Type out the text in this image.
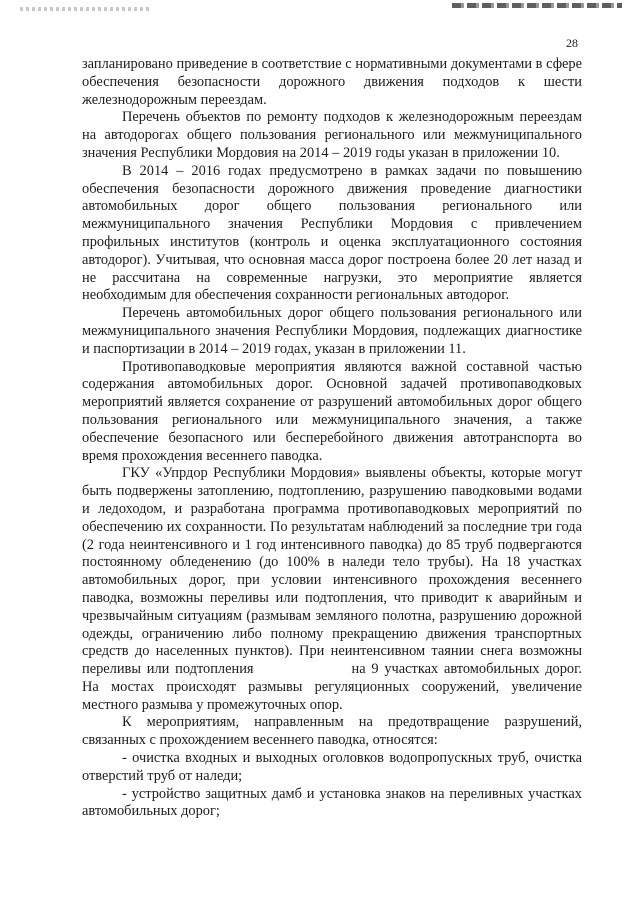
28

запланировано приведение в соответствие с нормативными документами в сфере обеспечения безопасности дорожного движения подходов к шести железнодорожным переездам.

Перечень объектов по ремонту подходов к железнодорожным переездам на автодорогах общего пользования регионального или межмуниципального значения Республики Мордовия на 2014 – 2019 годы указан в приложении 10.

В 2014 – 2016 годах предусмотрено в рамках задачи по повышению обеспечения безопасности дорожного движения проведение диагностики автомобильных дорог общего пользования регионального или межмуниципального значения Республики Мордовия с привлечением профильных институтов (контроль и оценка эксплуатационного состояния автодорог). Учитывая, что основная масса дорог построена более 20 лет назад и не рассчитана на современные нагрузки, это мероприятие является необходимым для обеспечения сохранности региональных автодорог.

Перечень автомобильных дорог общего пользования регионального или межмуниципального значения Республики Мордовия, подлежащих диагностике и паспортизации в 2014 – 2019 годах, указан в приложении 11.

Противопаводковые мероприятия являются важной составной частью содержания автомобильных дорог. Основной задачей противопаводковых мероприятий является сохранение от разрушений автомобильных дорог общего пользования регионального или межмуниципального значения, а также обеспечение безопасного или бесперебойного движения автотранспорта во время прохождения весеннего паводка.

ГКУ «Упрдор Республики Мордовия» выявлены объекты, которые могут быть подвержены затоплению, подтоплению, разрушению паводковыми водами и ледоходом, и разработана программа противопаводковых мероприятий по обеспечению их сохранности. По результатам наблюдений за последние три года (2 года неинтенсивного и 1 год интенсивного паводка) до 85 труб подвергаются постоянному обледенению (до 100% в наледи тело трубы). На 18 участках автомобильных дорог, при условии интенсивного прохождения весеннего паводка, возможны переливы или подтопления, что приводит к аварийным и чрезвычайным ситуациям (размывам земляного полотна, разрушению дорожной одежды, ограничению либо полному прекращению движения транспортных средств до населенных пунктов). При неинтенсивном таянии снега возможны переливы или подтопления	на 9 участках автомобильных дорог. На мостах происходят размывы регуляционных сооружений, увеличение местного размыва у промежуточных опор.

К мероприятиям, направленным на предотвращение разрушений, связанных с прохождением весеннего паводка, относятся:

- очистка входных и выходных оголовков водопропускных труб, очистка отверстий труб от наледи;

- устройство защитных дамб и установка знаков на переливных участках автомобильных дорог;
